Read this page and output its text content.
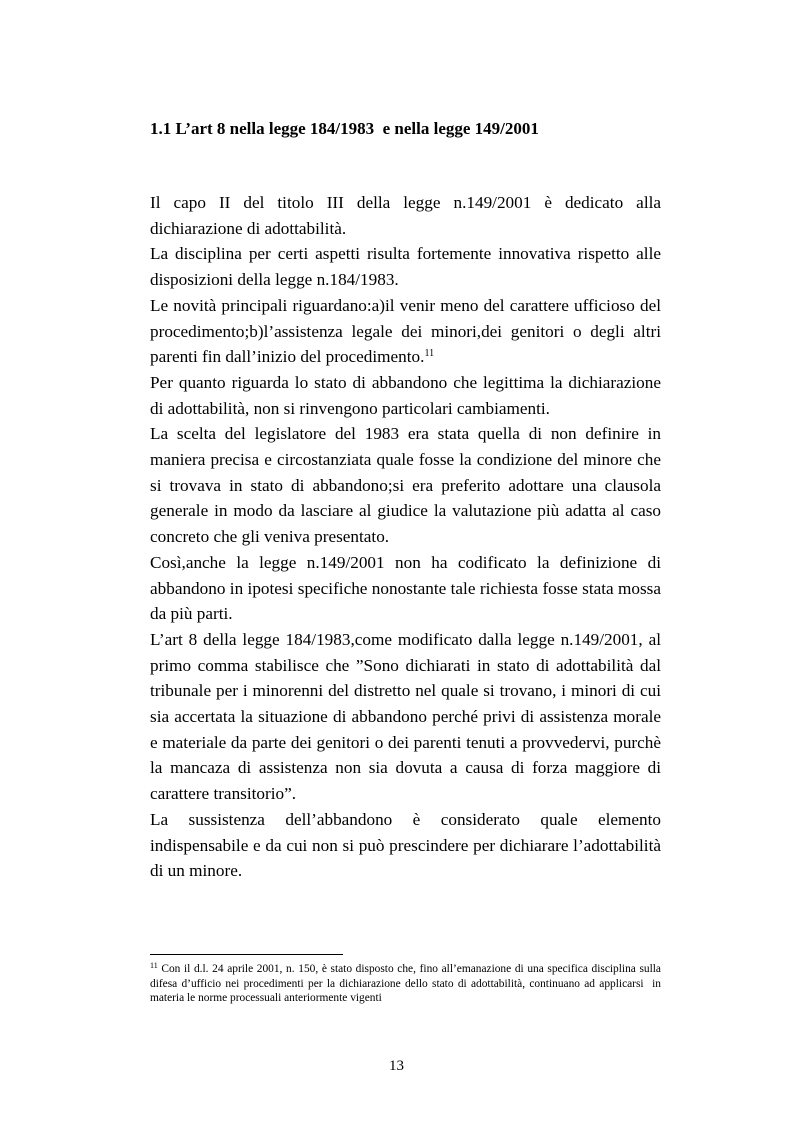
1.1 L’art 8 nella legge 184/1983  e nella legge 149/2001

Il capo II del titolo III della legge n.149/2001 è dedicato alla dichiarazione di adottabilità.

La disciplina per certi aspetti risulta fortemente innovativa rispetto alle disposizioni della legge n.184/1983.

Le novità principali riguardano:a)il venir meno del carattere ufficioso del procedimento;b)l’assistenza legale dei minori,dei genitori o degli altri parenti fin dall’inizio del procedimento.$^{11}$

Per quanto riguarda lo stato di abbandono che legittima la dichiarazione di adottabilità, non si rinvengono particolari cambiamenti.

La scelta del legislatore del 1983 era stata quella di non definire in maniera precisa e circostanziata quale fosse la condizione del minore che si trovava in stato di abbandono;si era preferito adottare una clausola generale in modo da lasciare al giudice la valutazione più adatta al caso concreto che gli veniva presentato.

Così,anche la legge n.149/2001 non ha codificato la definizione di abbandono in ipotesi specifiche nonostante tale richiesta fosse stata mossa da più parti.

L’art 8 della legge 184/1983,come modificato dalla legge n.149/2001, al primo comma stabilisce che ”Sono dichiarati in stato di adottabilità dal tribunale per i minorenni del distretto nel quale si trovano, i minori di cui sia accertata la situazione di abbandono perché privi di assistenza morale e materiale da parte dei genitori o dei parenti tenuti a provvedervi, purchè la mancaza di assistenza non sia dovuta a causa di forza maggiore di carattere transitorio”.

La sussistenza dell’abbandono è considerato quale elemento indispensabile e da cui non si può prescindere per dichiarare l’adottabilità di un minore.

$^{11}$ Con il d.l. 24 aprile 2001, n. 150, è stato disposto che, fino all’emanazione di una specifica disciplina sulla difesa d’ufficio nei procedimenti per la dichiarazione dello stato di adottabilità, continuano ad applicarsi  in materia le norme processuali anteriormente vigenti

13
